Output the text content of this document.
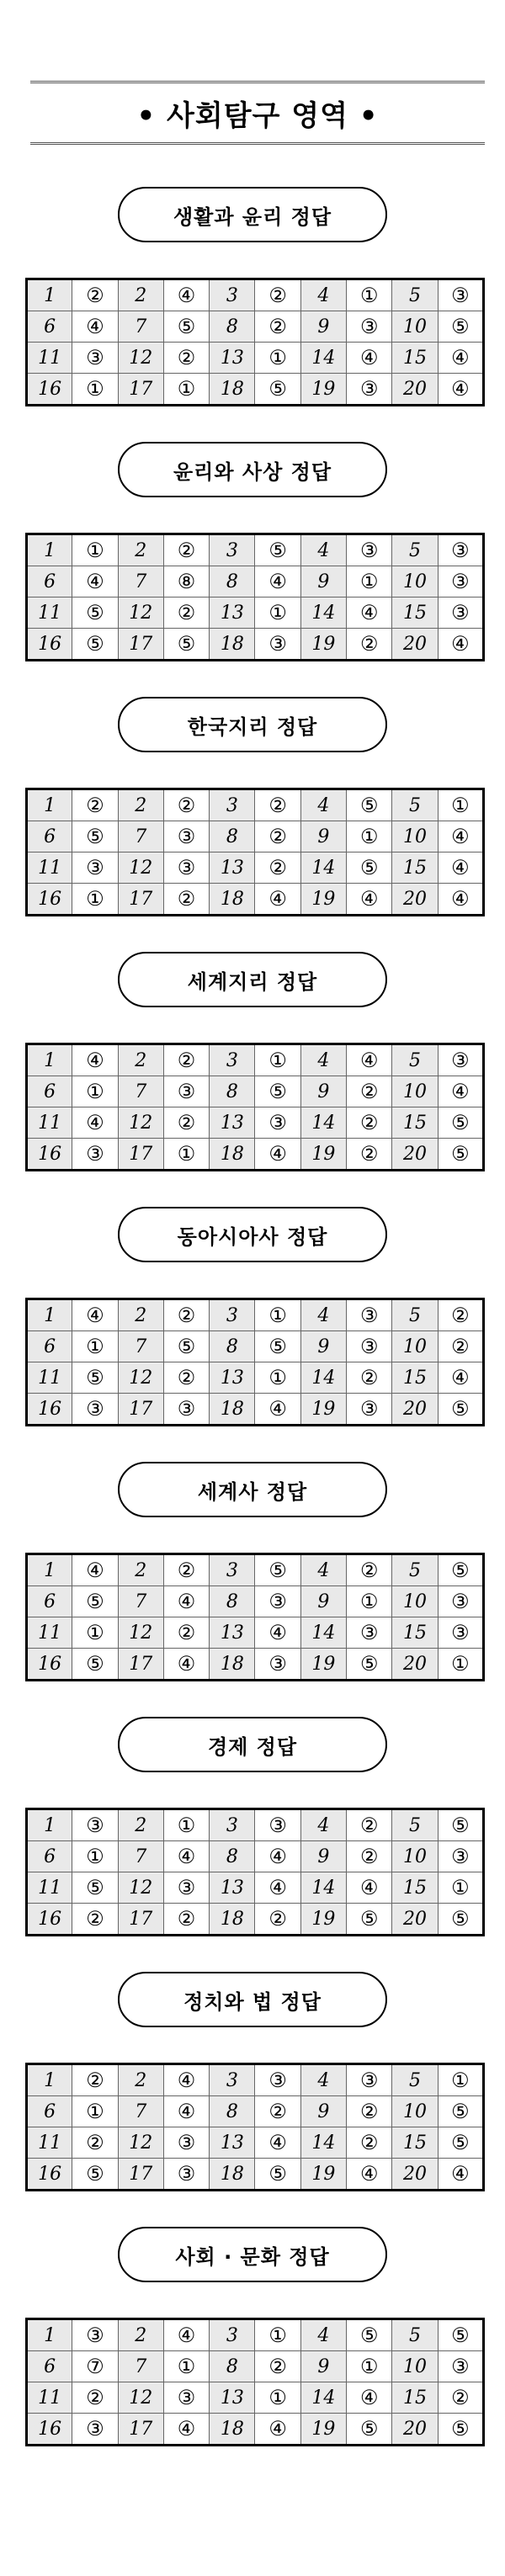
• 사회탐구 영역 •
생활과 윤리 정답
1	②	2	④	3	②	4	①	5	③
6	④	7	⑤	8	②	9	③	10	⑤
11	③	12	②	13	①	14	④	15	④
16	①	17	①	18	⑤	19	③	20	④
윤리와 사상 정답
1	①	2	②	3	⑤	4	③	5	③
6	④	7	⑧	8	④	9	①	10	③
11	⑤	12	②	13	①	14	④	15	③
16	⑤	17	⑤	18	③	19	②	20	④
한국지리 정답
1	②	2	②	3	②	4	⑤	5	①
6	⑤	7	③	8	②	9	①	10	④
11	③	12	③	13	②	14	⑤	15	④
16	①	17	②	18	④	19	④	20	④
세계지리 정답
1	④	2	②	3	①	4	④	5	③
6	①	7	③	8	⑤	9	②	10	④
11	④	12	②	13	③	14	②	15	⑤
16	③	17	①	18	④	19	②	20	⑤
동아시아사 정답
1	④	2	②	3	①	4	③	5	②
6	①	7	⑤	8	⑤	9	③	10	②
11	⑤	12	②	13	①	14	②	15	④
16	③	17	③	18	④	19	③	20	⑤
세계사 정답
1	④	2	②	3	⑤	4	②	5	⑤
6	⑤	7	④	8	③	9	①	10	③
11	①	12	②	13	④	14	③	15	③
16	⑤	17	④	18	③	19	⑤	20	①
경제 정답
1	③	2	①	3	③	4	②	5	⑤
6	①	7	④	8	④	9	②	10	③
11	⑤	12	③	13	④	14	④	15	①
16	②	17	②	18	②	19	⑤	20	⑤
정치와 법 정답
1	②	2	④	3	③	4	③	5	①
6	①	7	④	8	②	9	②	10	⑤
11	②	12	③	13	④	14	②	15	⑤
16	⑤	17	③	18	⑤	19	④	20	④
사회 · 문화 정답
1	③	2	④	3	①	4	⑤	5	⑤
6	⑦	7	①	8	②	9	①	10	③
11	②	12	③	13	①	14	④	15	②
16	③	17	④	18	④	19	⑤	20	⑤
